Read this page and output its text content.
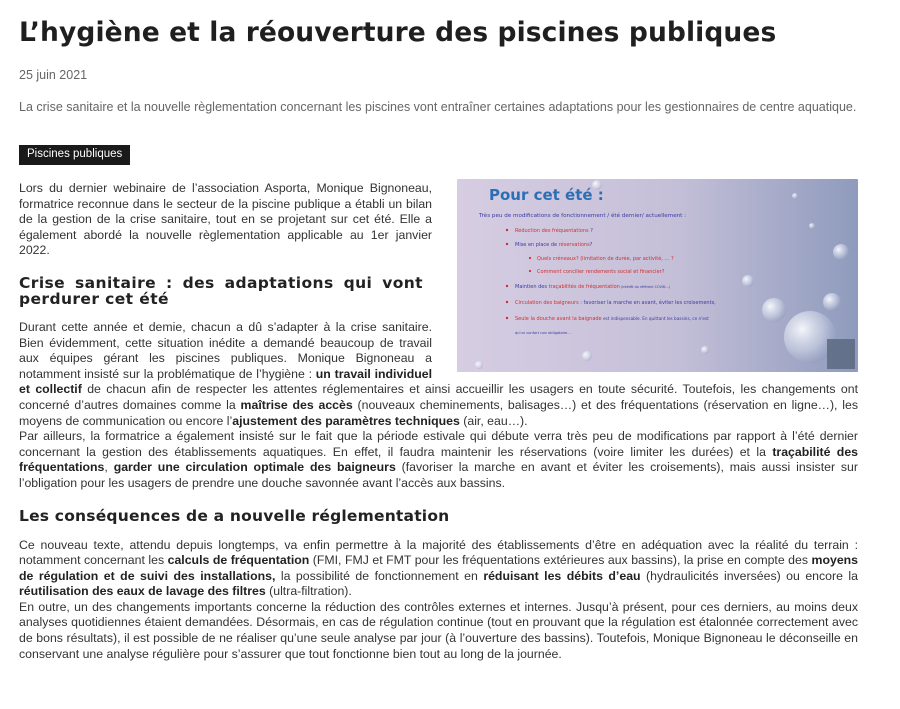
L’hygiène et la réouverture des piscines publiques
25 juin 2021
La crise sanitaire et la nouvelle règlementation concernant les piscines vont entraîner certaines adaptations pour les gestionnaires de centre aquatique.
Piscines publiques
Pour cet été :
Très peu de modifications de fonctionnement / été dernier/ actuellement :
Réduction des fréquentations ?
Mise en place de réservations?
Quels créneaux? (limitation de durée, par activité, … ?
Comment concilier rendements social et financier?
Maintien des traçabilités de fréquentation (intérêt du référent COVID…)
Circulation des baigneurs : favoriser la marche en avant, éviter les croisements,
Seule la douche avant la baignade est indispensable. En quittant les bassins, ce n'est
qu'un confort non obligatoire…

Lors du dernier webinaire de l’association Asporta, Monique Bignoneau, formatrice reconnue dans le secteur de la piscine publique a établi un bilan de la gestion de la crise sanitaire, tout en se projetant sur cet été. Elle a également abordé la nouvelle règlementation applicable au 1er janvier 2022.

Crise sanitaire : des adaptations qui vont perdurer cet été

Durant cette année et demie, chacun a dû s’adapter à la crise sanitaire. Bien évidemment, cette situation inédite a demandé beaucoup de travail aux équipes gérant les piscines publiques. Monique Bignoneau a notamment insisté sur la problématique de l’hygiène : un travail individuel et collectif de chacun afin de respecter les attentes réglementaires et ainsi accueillir les usagers en toute sécurité. Toutefois, les changements ont concerné d’autres domaines comme la maîtrise des accès (nouveaux cheminements, balisages…) et des fréquentations (réservation en ligne…), les moyens de communication ou encore l’ajustement des paramètres techniques (air, eau…).

Par ailleurs, la formatrice a également insisté sur le fait que la période estivale qui débute verra très peu de modifications par rapport à l’été dernier concernant la gestion des établissements aquatiques. En effet, il faudra maintenir les réservations (voire limiter les durées) et la traçabilité des fréquentations, garder une circulation optimale des baigneurs (favoriser la marche en avant et éviter les croisements), mais aussi insister sur l’obligation pour les usagers de prendre une douche savonnée avant l’accès aux bassins.

Les conséquences de a nouvelle réglementation

Ce nouveau texte, attendu depuis longtemps, va enfin permettre à la majorité des établissements d’être en adéquation avec la réalité du terrain : notamment concernant les calculs de fréquentation (FMI, FMJ et FMT pour les fréquentations extérieures aux bassins), la prise en compte des moyens de régulation et de suivi des installations, la possibilité de fonctionnement en réduisant les débits d’eau (hydraulicités inversées) ou encore la réutilisation des eaux de lavage des filtres (ultra-filtration).

En outre, un des changements importants concerne la réduction des contrôles externes et internes. Jusqu’à présent, pour ces derniers, au moins deux analyses quotidiennes étaient demandées. Désormais, en cas de régulation continue (tout en prouvant que la régulation est étalonnée correctement avec de bons résultats), il est possible de ne réaliser qu’une seule analyse par jour (à l’ouverture des bassins). Toutefois, Monique Bignoneau le déconseille en conservant une analyse régulière pour s’assurer que tout fonctionne bien tout au long de la journée.
